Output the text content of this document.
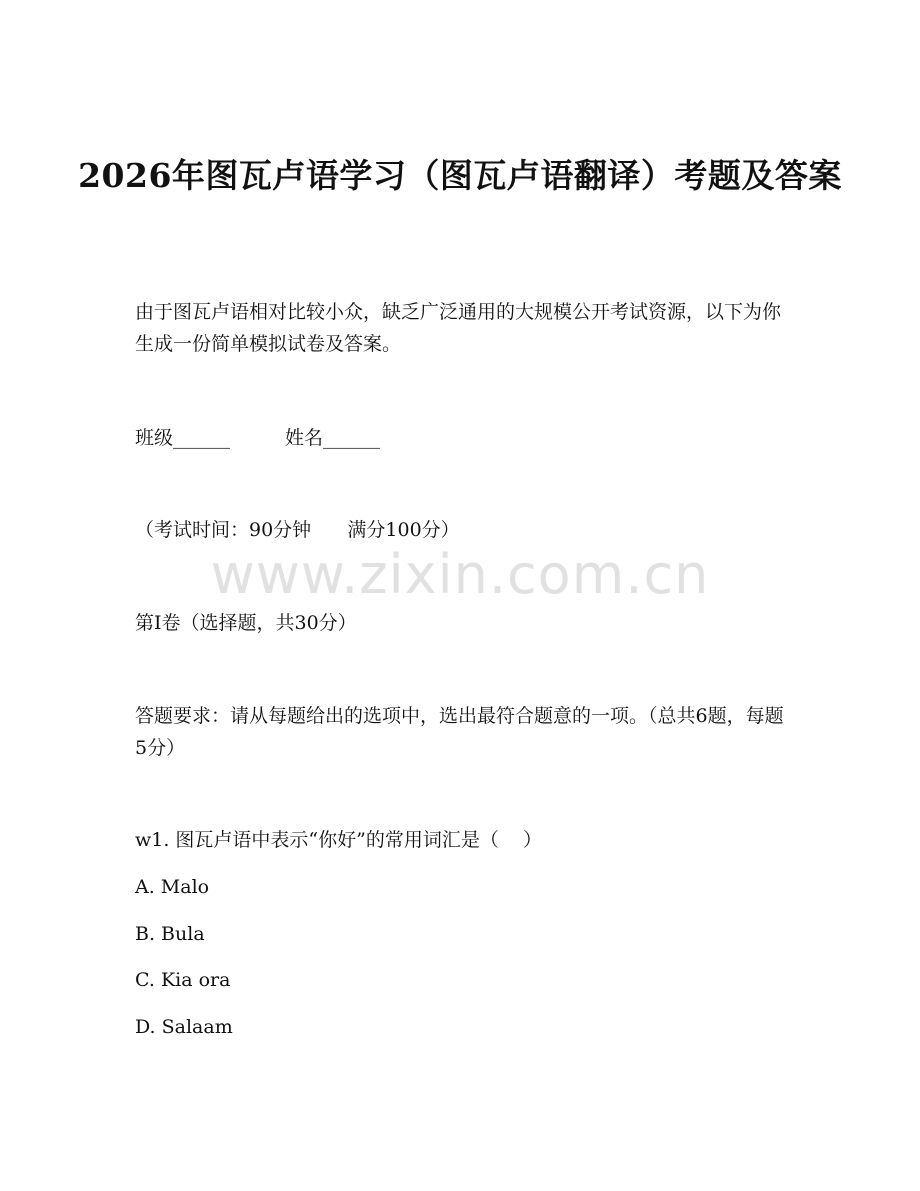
2026年图瓦卢语学习（图瓦卢语翻译）考题及答案

由于图瓦卢语相对比较小众，缺乏广泛通用的大规模公开考试资源，以下为你生成一份简单模拟试卷及答案。

班级______	姓名______

（考试时间：90分钟      满分100分）

www.zixin.com.cn

第I卷（选择题，共30分）

答题要求：请从每题给出的选项中，选出最符合题意的一项。（总共6题，每题5分）

w1. 图瓦卢语中表示“你好”的常用词汇是（    ）

A. Malo

B. Bula

C. Kia ora

D. Salaam
